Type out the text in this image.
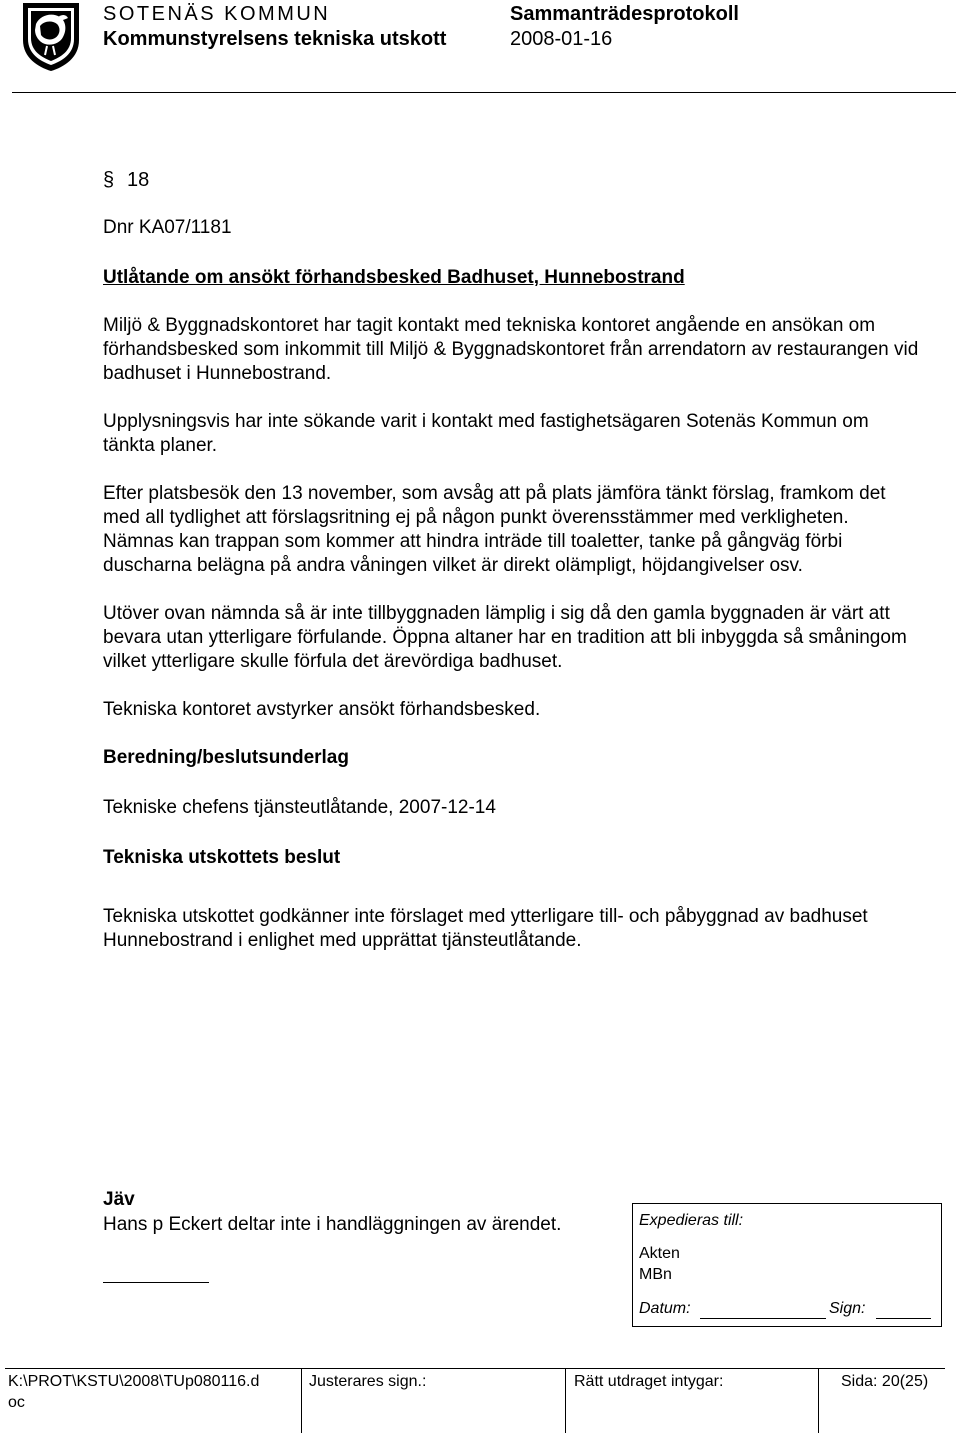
SOTENÄS KOMMUN	Sammanträdesprotokoll
Kommunstyrelsens tekniska utskott	2008-01-16
§ 18

Dnr KA07/1181

Utlåtande om ansökt förhandsbesked Badhuset, Hunnebostrand

Miljö & Byggnadskontoret har tagit kontakt med tekniska kontoret angående en ansökan om förhandsbesked som inkommit till Miljö & Byggnadskontoret från arrendatorn av restaurangen vid badhuset i Hunnebostrand.

Upplysningsvis har inte sökande varit i kontakt med fastighetsägaren Sotenäs Kommun om tänkta planer.

Efter platsbesök den 13 november, som avsåg att på plats jämföra tänkt förslag, framkom det med all tydlighet att förslagsritning ej på någon punkt överensstämmer med verkligheten. Nämnas kan trappan som kommer att hindra inträde till toaletter, tanke på gångväg förbi duscharna belägna på andra våningen vilket är direkt olämpligt, höjdangivelser osv.

Utöver ovan nämnda så är inte tillbyggnaden lämplig i sig då den gamla byggnaden är värt att bevara utan ytterligare förfulande. Öppna altaner har en tradition att bli inbyggda så småningom vilket ytterligare skulle förfula det ärevördiga badhuset.

Tekniska kontoret avstyrker ansökt förhandsbesked.

Beredning/beslutsunderlag

Tekniske chefens tjänsteutlåtande, 2007-12-14

Tekniska utskottets beslut

Tekniska utskottet godkänner inte förslaget med ytterligare till- och påbyggnad av badhuset Hunnebostrand i enlighet med upprättat tjänsteutlåtande.

Jäv
Hans p Eckert deltar inte i handläggningen av ärendet.	Expedieras till:
Akten
MBn
Datum:	Sign:
K:\PROT\KSTU\2008\TUp080116.d
oc
Justerares sign.:	Rätt utdraget intygar:	Sida: 20(25)
